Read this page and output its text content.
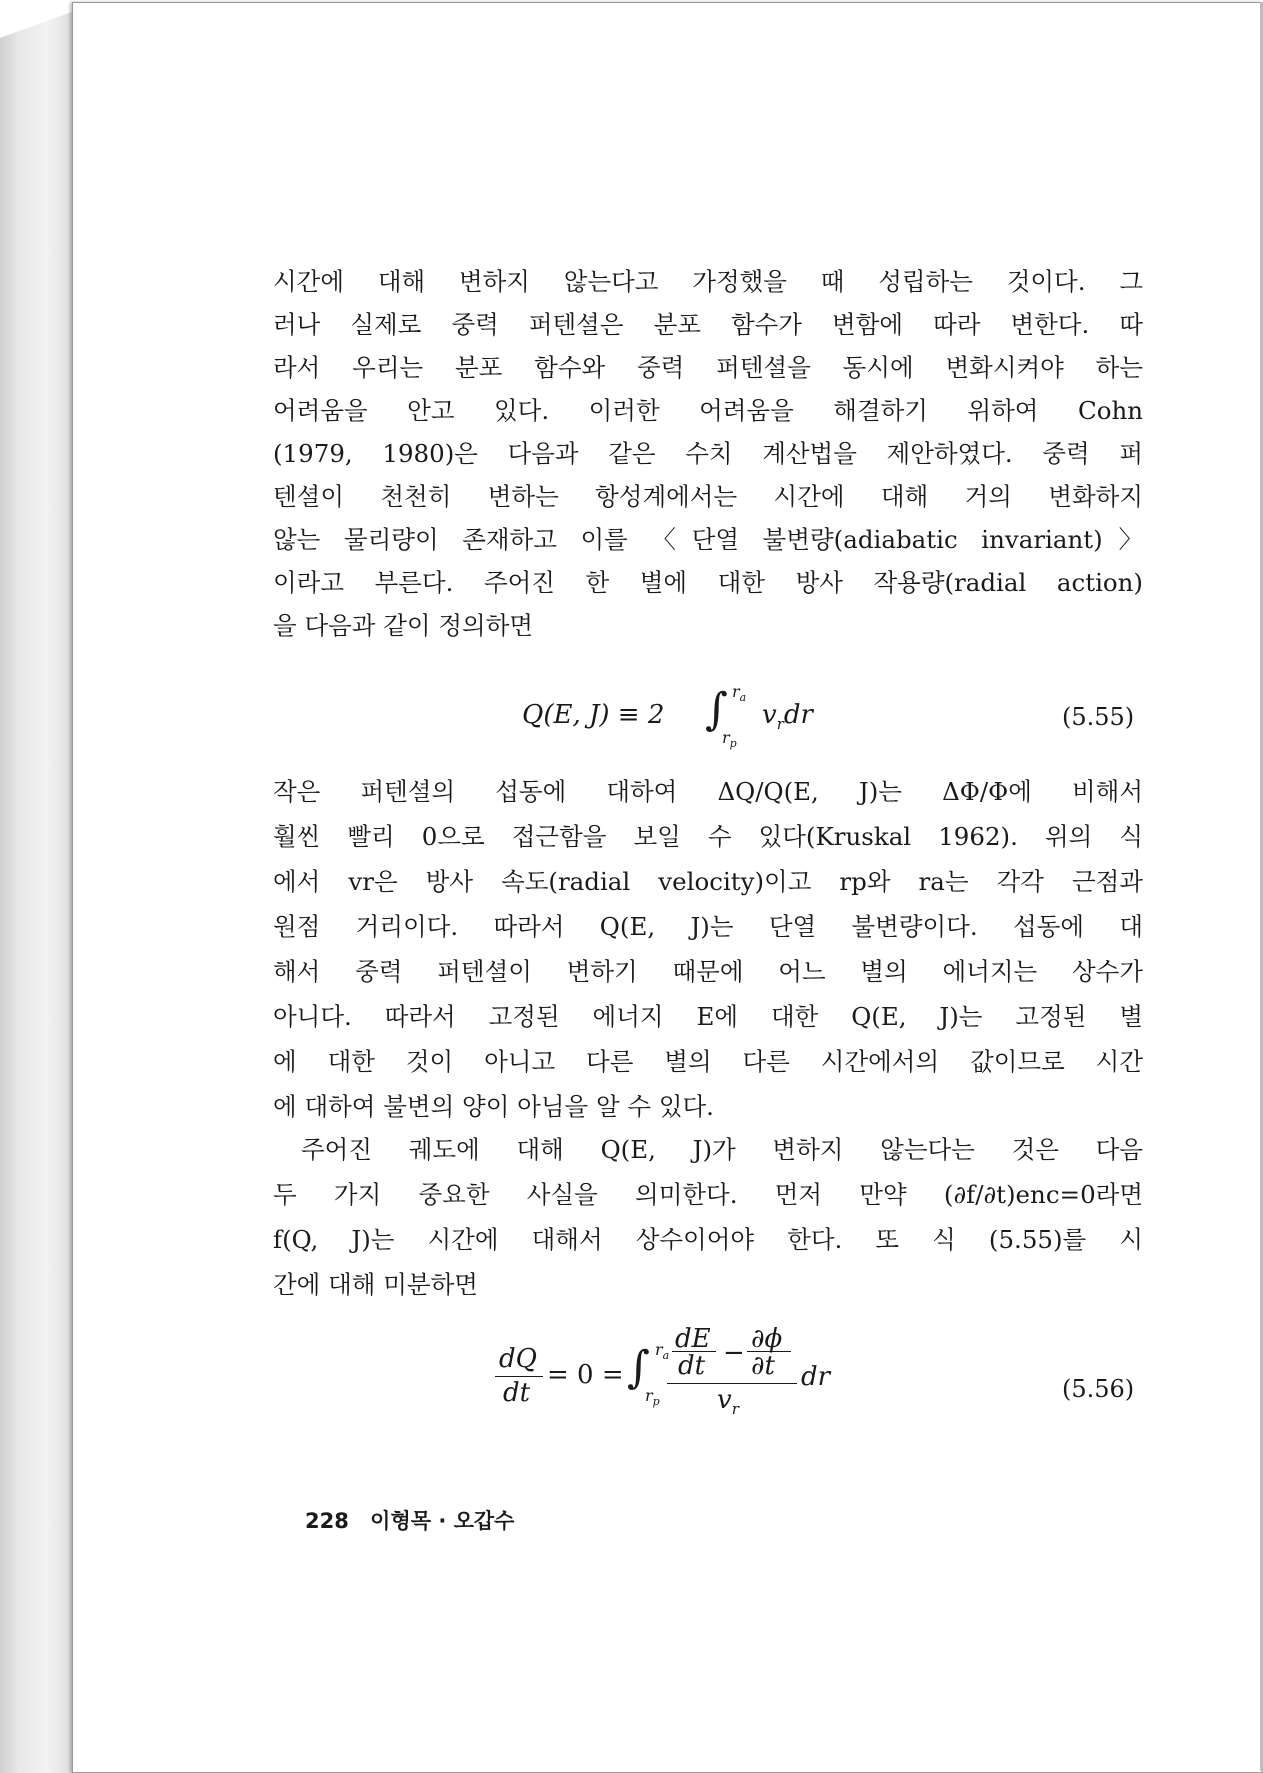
시간에 대해 변하지 않는다고 가정했을 때 성립하는 것이다. 그
러나 실제로 중력 퍼텐셜은 분포 함수가 변함에 따라 변한다. 따
라서 우리는 분포 함수와 중력 퍼텐셜을 동시에 변화시켜야 하는
어려움을 안고 있다. 이러한 어려움을 해결하기 위하여 Cohn
(1979, 1980)은 다음과 같은 수치 계산법을 제안하였다. 중력 퍼
텐셜이 천천히 변하는 항성계에서는 시간에 대해 거의 변화하지
않는 물리량이 존재하고 이를 〈단열 불변량(adiabatic invariant)〉
이라고 부른다. 주어진 한 별에 대한 방사 작용량(radial action)
을 다음과 같이 정의하면
Q(E, J) ≡ 2 ∫ $r_a$
$r_p$
$v_rdr$	(5.55)
작은 퍼텐셜의 섭동에 대하여 ΔQ/Q(E, J)는 ΔΦ/Φ에 비해서
훨씬 빨리 0으로 접근함을 보일 수 있다(Kruskal 1962). 위의 식
에서 vr은 방사 속도(radial velocity)이고 rp와 ra는 각각 근점과
원점 거리이다. 따라서 Q(E, J)는 단열 불변량이다. 섭동에 대
해서 중력 퍼텐셜이 변하기 때문에 어느 별의 에너지는 상수가
아니다. 따라서 고정된 에너지 E에 대한 Q(E, J)는 고정된 별
에 대한 것이 아니고 다른 별의 다른 시간에서의 값이므로 시간
에 대하여 불변의 양이 아님을 알 수 있다.
주어진 궤도에 대해 Q(E, J)가 변하지 않는다는 것은 다음
두 가지 중요한 사실을 의미한다. 먼저 만약 (∂f/∂t)enc=0라면
f(Q, J)는 시간에 대해서 상수이어야 한다. 또 식 (5.55)를 시
간에 대해 미분하면
dQ
dt
= 0 = ∫ $r_a$
$r_p$
dE
dt − ∂ϕ
∂t
$v_r$
dr	(5.56)
228 이형목 · 오갑수
